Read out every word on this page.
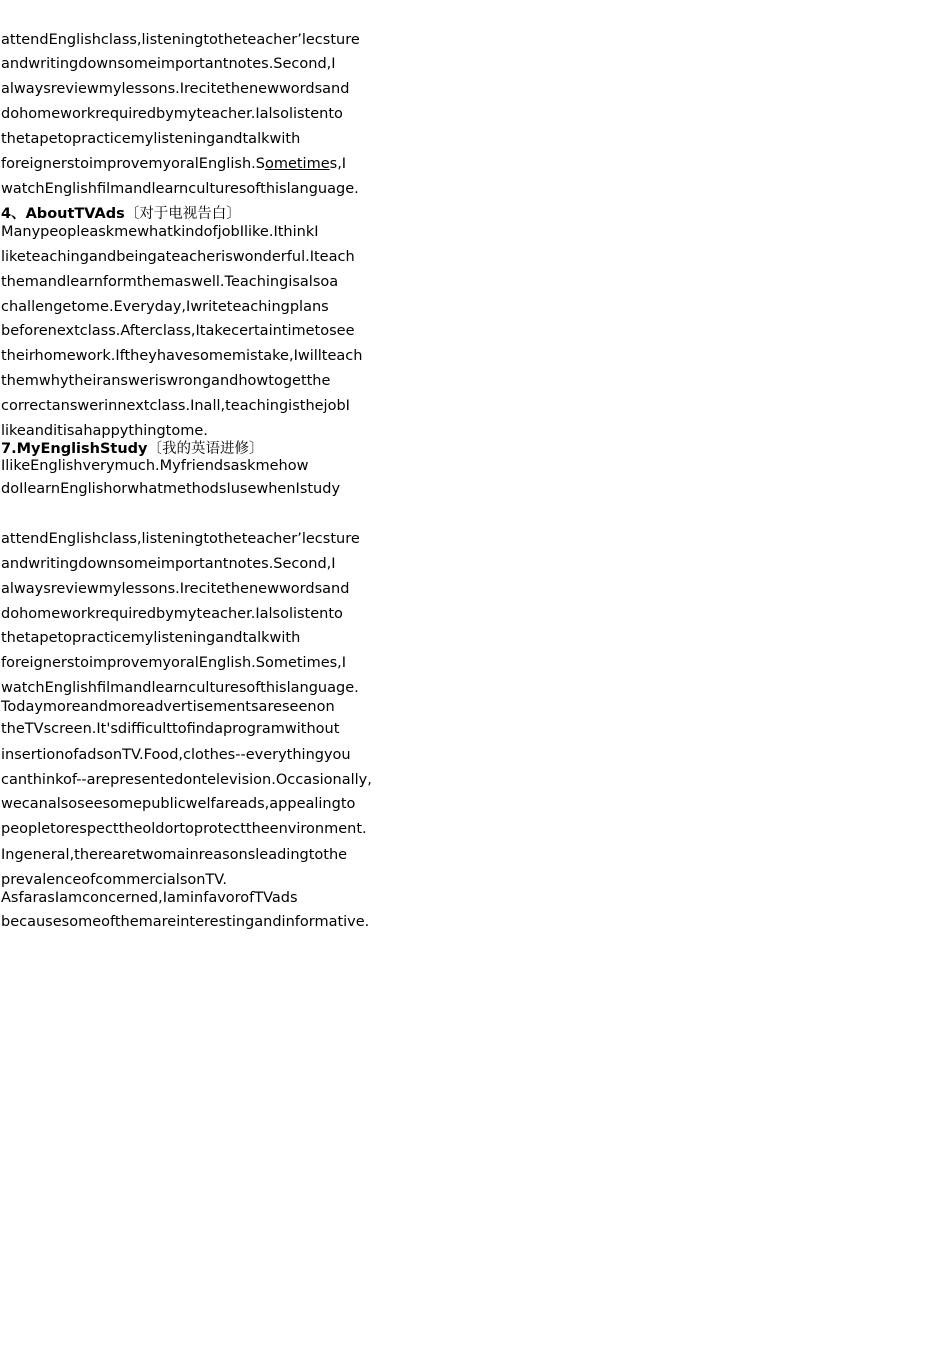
attendEnglishclass,listeningtotheteacher’lecsture
andwritingdownsomeimportantnotes.Second,I
alwaysreviewmylessons.Irecitethenewwordsand
dohomeworkrequiredbymyteacher.Ialsolistento
thetapetopracticemylisteningandtalkwith
foreignerstoimprovemyoralEnglish.Sometimes,I
watchEnglishfilmandlearnculturesofthislanguage.
4、AboutTVAds〔对于电视告白〕
ManypeopleaskmewhatkindofjobIlike.IthinkI
liketeachingandbeingateacheriswonderful.Iteach
themandlearnformthemaswell.Teachingisalsoa
challengetome.Everyday,Iwriteteachingplans
beforenextclass.Afterclass,Itakecertaintimetosee
theirhomework.Iftheyhavesomemistake,Iwillteach
themwhytheiransweriswrongandhowtogetthe
correctanswerinnextclass.Inall,teachingisthejobI
likeanditisahappythingtome.
7.MyEnglishStudy〔我的英语进修〕
IlikeEnglishverymuch.Myfriendsaskmehow
doIlearnEnglishorwhatmethodsIusewhenIstudy
attendEnglishclass,listeningtotheteacher’lecsture
andwritingdownsomeimportantnotes.Second,I
alwaysreviewmylessons.Irecitethenewwordsand
dohomeworkrequiredbymyteacher.Ialsolistento
thetapetopracticemylisteningandtalkwith
foreignerstoimprovemyoralEnglish.Sometimes,I
watchEnglishfilmandlearnculturesofthislanguage.
Todaymoreandmoreadvertisementsareseenon
theTVscreen.It'sdifficulttofindaprogramwithout
insertionofadsonTV.Food,clothes--everythingyou
canthinkof--arepresentedontelevision.Occasionally,
wecanalsoseesomepublicwelfareads,appealingto
peopletorespecttheoldortoprotecttheenvironment.
Ingeneral,therearetwomainreasonsleadingtothe
prevalenceofcommercialsonTV.
AsfarasIamconcerned,IaminfavorofTVads
becausesomeofthemareinterestingandinformative.
